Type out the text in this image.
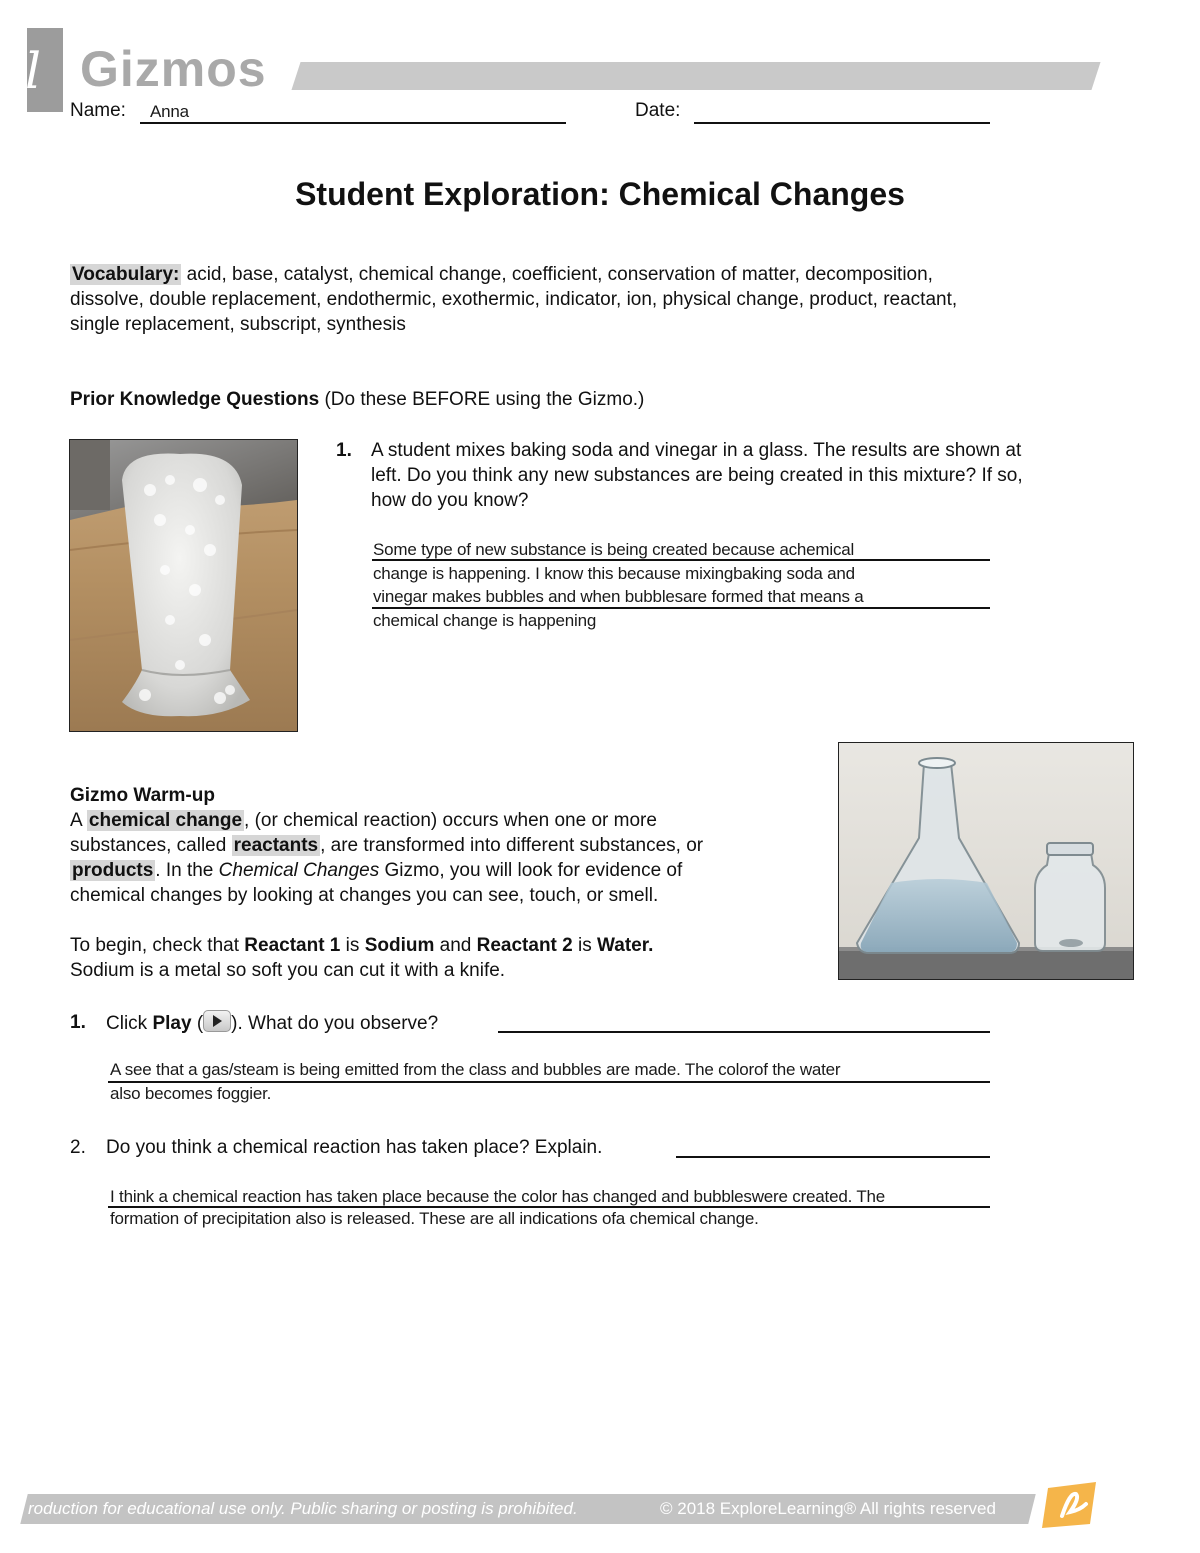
l Gizmos
Name: Anna	Date:
Student Exploration: Chemical Changes
Vocabulary: acid, base, catalyst, chemical change, coefficient, conservation of matter, decomposition,
dissolve, double replacement, endothermic, exothermic, indicator, ion, physical change, product, reactant,
single replacement, subscript, synthesis
Prior Knowledge Questions (Do these BEFORE using the Gizmo.)
1. A student mixes baking soda and vinegar in a glass. The results are shown at
left. Do you think any new substances are being created in this mixture? If so,
how do you know?
Some type of new substance is being created because achemical
change is happening. I know this because mixingbaking soda and
vinegar makes bubbles and when bubblesare formed that means a
chemical change is happening
Gizmo Warm-up
A chemical change , (or chemical reaction) occurs when one or more
substances, called reactants , are transformed into different substances, or
products . In the Chemical Changes Gizmo, you will look for evidence of
chemical changes by looking at changes you can see, touch, or smell.
To begin, check that Reactant 1 is Sodium and Reactant 2 is Water.
Sodium is a metal so soft you can cut it with a knife.
1. Click Play ( ). What do you observe?
A see that a gas/steam is being emitted from the class and bubbles are made. The colorof the water
also becomes foggier.
2. Do you think a chemical reaction has taken place? Explain.
I think a chemical reaction has taken place because the color has changed and bubbleswere created. The
formation of precipitation also is released. These are all indications ofa chemical change.
roduction for educational use only. Public sharing or posting is prohibited.	© 2018 ExploreLearning® All rights reserved
